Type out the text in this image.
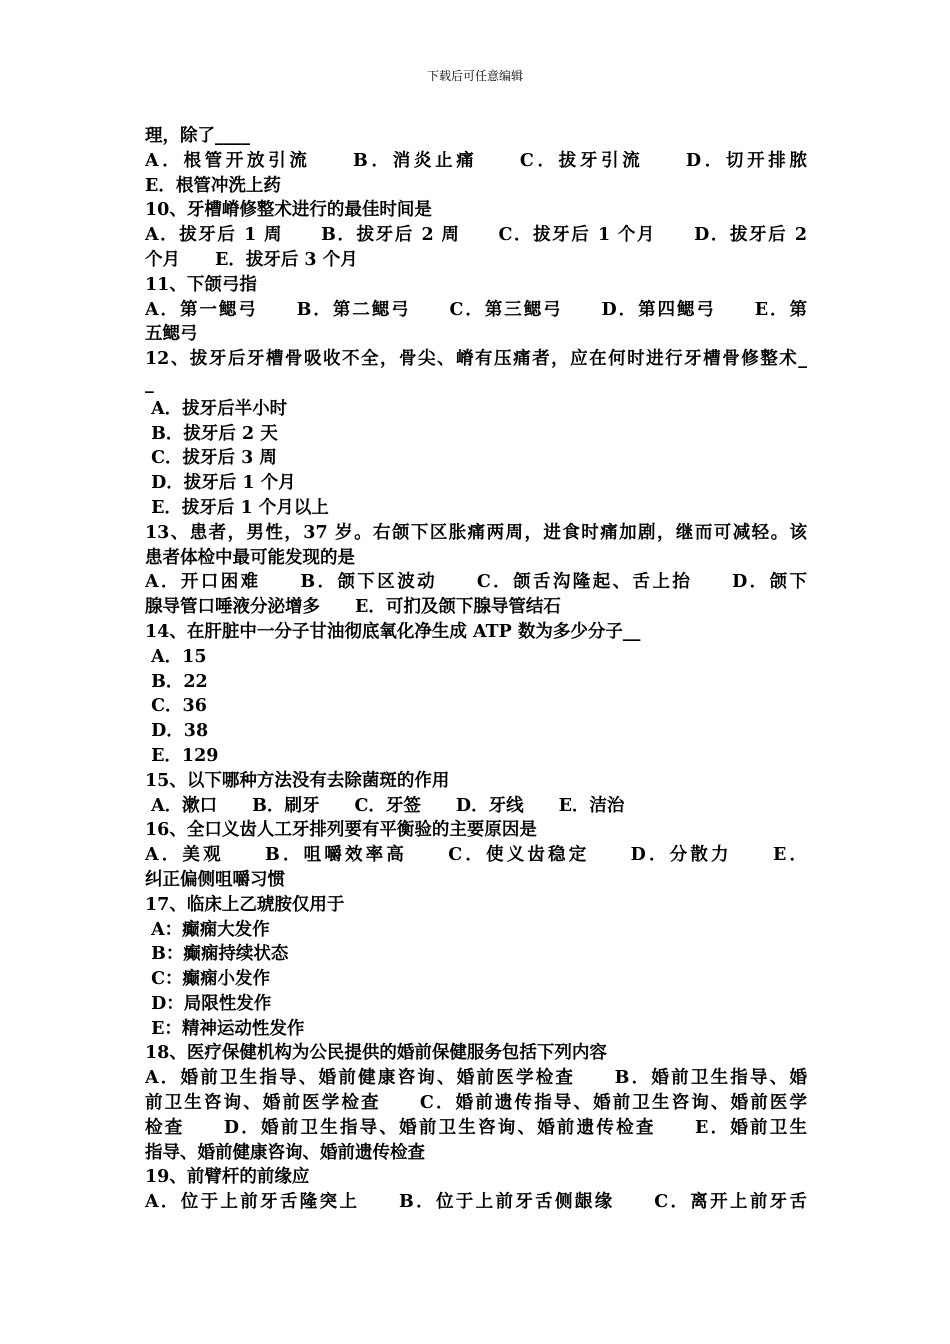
下载后可任意编辑
理，除了____
A．根管开放引流　　B．消炎止痛　　C．拔牙引流　　D．切开排脓
E．根管冲洗上药
10、牙槽嵴修整术进行的最佳时间是
A．拔牙后 1 周　　B．拔牙后 2 周　　C．拔牙后 1 个月　　D．拔牙后 2
个月　　E．拔牙后 3 个月
11、下颌弓指
A．第一鳃弓　　B．第二鳃弓　　C．第三鳃弓　　D．第四鳃弓　　E．第
五鳃弓
12、拔牙后牙槽骨吸收不全，骨尖、嵴有压痛者，应在何时进行牙槽骨修整术_
_
A．拔牙后半小时
B．拔牙后 2 天
C．拔牙后 3 周
D．拔牙后 1 个月
E．拔牙后 1 个月以上
13、患者，男性，37 岁。右颌下区胀痛两周，进食时痛加剧，继而可减轻。该
患者体检中最可能发现的是
A．开口困难　　B．颌下区波动　　C．颌舌沟隆起、舌上抬　　D．颌下
腺导管口唾液分泌增多　　E．可扪及颌下腺导管结石
14、在肝脏中一分子甘油彻底氧化净生成 ATP 数为多少分子__
A．15
B．22
C．36
D．38
E．129
15、以下哪种方法没有去除菌斑的作用
A．漱口　　B．刷牙　　C．牙签　　D．牙线　　E．洁治
16、全口义齿人工牙排列要有平衡验的主要原因是
A．美观　　B．咀嚼效率高　　C．使义齿稳定　　D．分散力　　E．
纠正偏侧咀嚼习惯
17、临床上乙琥胺仅用于
A：癫痫大发作
B：癫痫持续状态
C：癫痫小发作
D：局限性发作
E：精神运动性发作
18、医疗保健机构为公民提供的婚前保健服务包括下列内容
A．婚前卫生指导、婚前健康咨询、婚前医学检查　　B．婚前卫生指导、婚
前卫生咨询、婚前医学检查　　C．婚前遗传指导、婚前卫生咨询、婚前医学
检查　　D．婚前卫生指导、婚前卫生咨询、婚前遗传检查　　E．婚前卫生
指导、婚前健康咨询、婚前遗传检查
19、前臂杆的前缘应
A．位于上前牙舌隆突上　　B．位于上前牙舌侧龈缘　　C．离开上前牙舌
